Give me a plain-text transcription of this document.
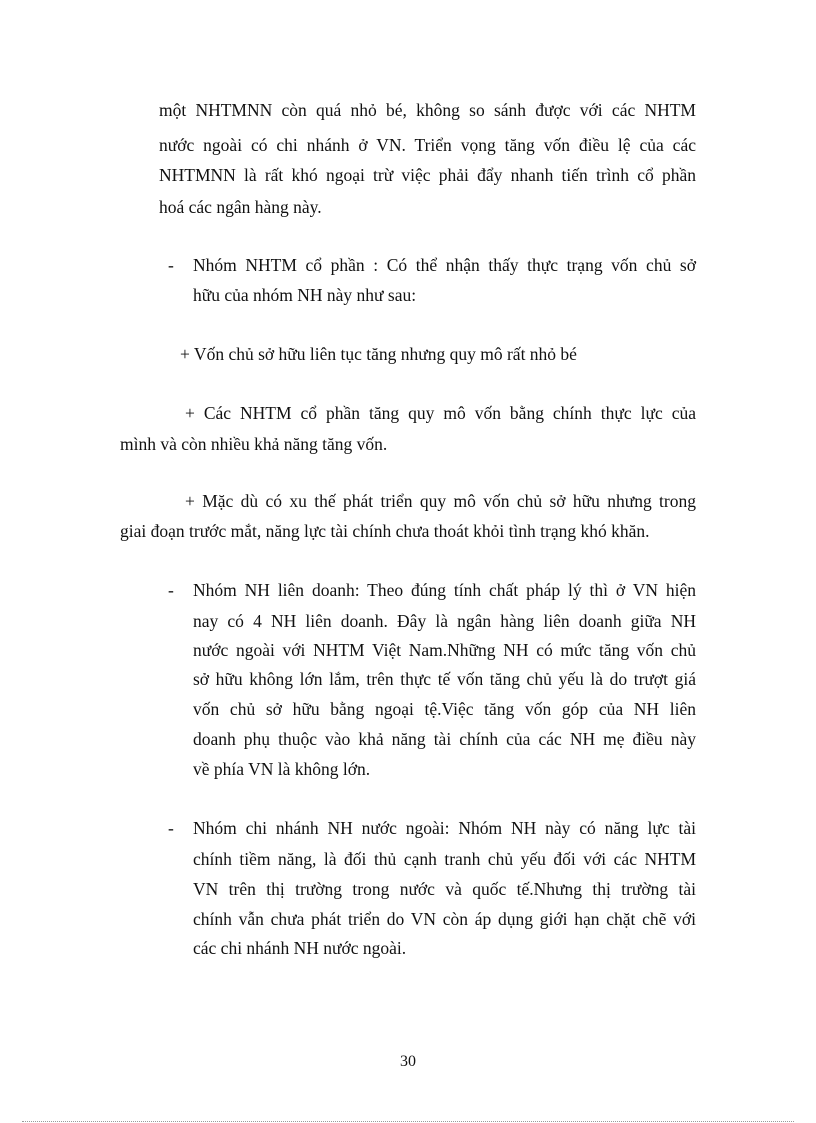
một NHTMNN còn quá nhỏ bé, không so sánh được với các NHTM

nước ngoài có chi nhánh ở VN. Triển vọng tăng vốn điều lệ của các

NHTMNN là rất khó ngoại trừ việc phải đẩy nhanh tiến trình cổ phần

hoá các ngân hàng này.

- Nhóm NHTM cổ phần : Có thể nhận thấy thực trạng vốn chủ sở

hữu của nhóm NH này như sau:

+ Vốn chủ sở hữu liên tục tăng nhưng quy mô rất nhỏ bé

+ Các NHTM cổ phần tăng quy mô vốn bằng chính thực lực của

mình và còn nhiều khả năng tăng vốn.

+ Mặc dù có xu thế phát triển quy mô vốn chủ sở hữu nhưng trong

giai đoạn trước mắt, năng lực tài chính chưa thoát khỏi tình trạng khó khăn.

- Nhóm NH liên doanh: Theo đúng tính chất pháp lý thì ở VN hiện

nay có 4 NH liên doanh. Đây là ngân hàng liên doanh giữa NH

nước ngoài với NHTM Việt Nam.Những NH có mức tăng vốn chủ

sở hữu không lớn lắm, trên thực tế vốn tăng chủ yếu là do trượt giá

vốn chủ sở hữu bằng ngoại tệ.Việc tăng vốn góp của NH liên

doanh phụ thuộc vào khả năng tài chính của các NH mẹ điều này

về phía VN là không lớn.

- Nhóm chi nhánh NH nước ngoài: Nhóm NH này có năng lực tài

chính tiềm năng, là đối thủ cạnh tranh chủ yếu đối với các NHTM

VN trên thị trường trong nước và quốc tế.Nhưng thị trường tài

chính vẫn chưa phát triển do VN còn áp dụng giới hạn chặt chẽ với

các chi nhánh NH nước ngoài.

30
